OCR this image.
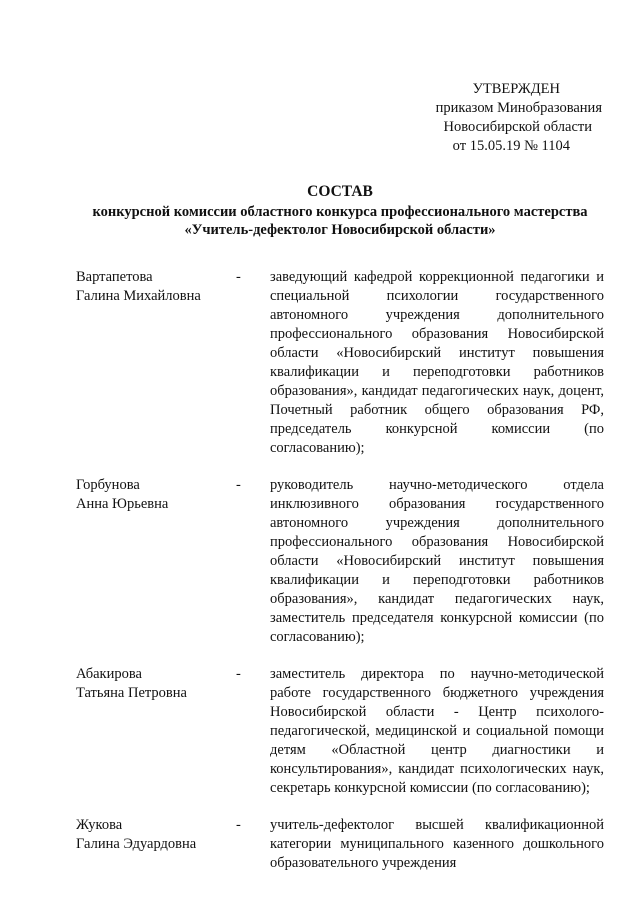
УТВЕРЖДЕН
приказом Минобразования
Новосибирской области
от 15.05.19 № 1104
СОСТАВ
конкурсной комиссии областного конкурса профессионального мастерства
«Учитель-дефектолог Новосибирской области»
Вартапетова
Галина Михайловна
-	заведующий кафедрой коррекционной педагогики и специальной психологии государственного автономного учреждения дополнительного профессионального образования Новосибирской области «Новосибирский институт повышения квалификации и переподготовки работников образования», кандидат педагогических наук, доцент, Почетный работник общего образования РФ, председатель конкурсной комиссии (по согласованию);
Горбунова
Анна Юрьевна
-	руководитель научно-методического отдела инклюзивного образования государственного автономного учреждения дополнительного профессионального образования Новосибирской области «Новосибирский институт повышения квалификации и переподготовки работников образования», кандидат педагогических наук, заместитель председателя конкурсной комиссии (по согласованию);
Абакирова
Татьяна Петровна
-	заместитель директора по научно-методической работе государственного бюджетного учреждения Новосибирской области - Центр психолого-педагогической, медицинской и социальной помощи детям «Областной центр диагностики и консультирования», кандидат психологических наук, секретарь конкурсной комиссии (по согласованию);
Жукова
Галина Эдуардовна
-	учитель-дефектолог высшей квалификационной категории муниципального казенного дошкольного образовательного учреждения
